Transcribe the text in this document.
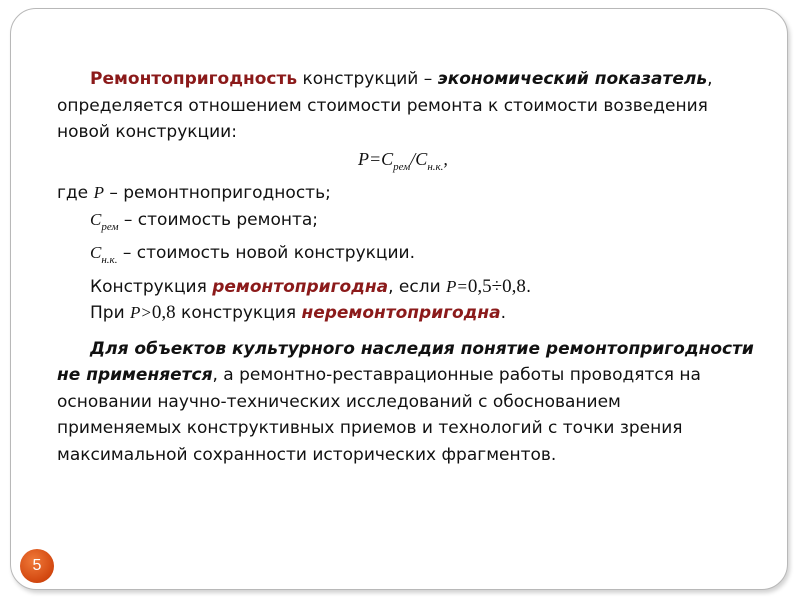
Ремонтопригодность конструкций – экономический показатель,
определяется отношением стоимости ремонта к стоимости возведения
новой конструкции:
$Р=С_{рем}/С_{н.к.}$,
где Р – ремонтнопригодность;
$С_{рем}$ – стоимость ремонта;
$С_{н.к.}$ – стоимость новой конструкции.
Конструкция ремонтопригодна, если Р=0,5÷0,8.
При Р>0,8 конструкция неремонтопригодна.
Для объектов культурного наследия понятие ремонтопригодности
не применяется, а ремонтно-реставрационные работы проводятся на
основании научно-технических исследований с обоснованием
применяемых конструктивных приемов и технологий с точки зрения
максимальной сохранности исторических фрагментов.
5
